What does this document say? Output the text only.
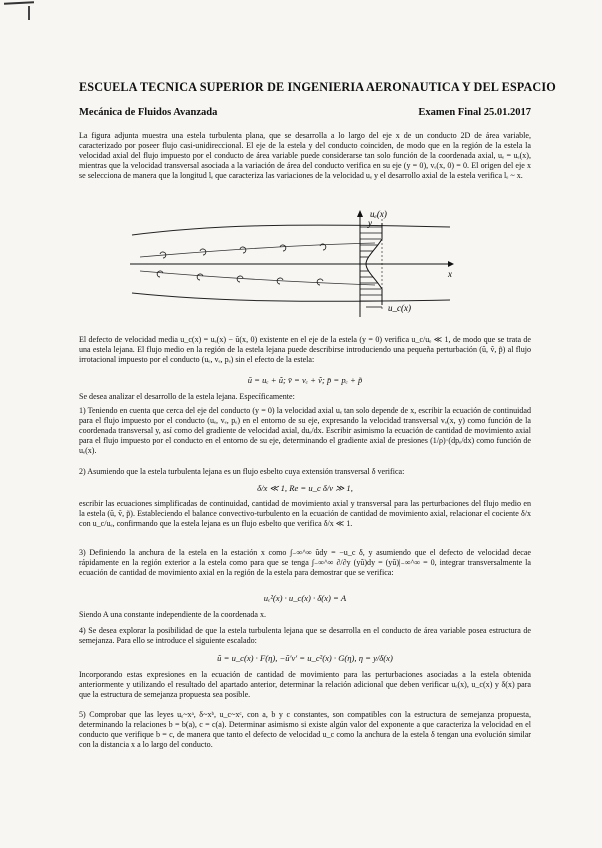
ESCUELA TECNICA SUPERIOR DE INGENIERIA AERONAUTICA Y DEL ESPACIO
Mecánica de Fluidos Avanzada	Examen Final 25.01.2017
La figura adjunta muestra una estela turbulenta plana, que se desarrolla a lo largo del eje x de un conducto 2D de área variable, caracterizado por poseer flujo casi-unidireccional. El eje de la estela y del conducto coinciden, de modo que en la región de la estela la velocidad axial del flujo impuesto por el conducto de área variable puede considerarse tan solo función de la coordenada axial, uₑ = uₑ(x), mientras que la velocidad transversal asociada a la variación de área del conducto verifica en su eje (y = 0), vₑ(x, 0) = 0. El origen del eje x se selecciona de manera que la longitud lₑ que caracteriza las variaciones de la velocidad uₑ y el desarrollo axial de la estela verifica lₑ ~ x.
y
uₑ(x)
x
u_c(x)
El defecto de velocidad media u_c(x) = uₑ(x) − ū(x, 0) existente en el eje de la estela (y = 0) verifica u_c/uₑ ≪ 1, de modo que se trata de una estela lejana. El flujo medio en la región de la estela lejana puede describirse introduciendo una pequeña perturbación (ũ, ṽ, p̃) al flujo irrotacional impuesto por el conducto (uₑ, vₑ, pₑ) sin el efecto de la estela:
ū = uₑ + ũ; v̄ = vₑ + ṽ; p̄ = pₑ + p̃
Se desea analizar el desarrollo de la estela lejana. Específicamente:
1) Teniendo en cuenta que cerca del eje del conducto (y = 0) la velocidad axial uₑ tan solo depende de x, escribir la ecuación de continuidad para el flujo impuesto por el conducto (uₑ, vₑ, pₑ) en el entorno de su eje, expresando la velocidad transversal vₑ(x, y) como función de la coordenada transversal y, así como del gradiente de velocidad axial, duₑ/dx. Escribir asimismo la ecuación de cantidad de movimiento axial para el flujo impuesto por el conducto en el entorno de su eje, determinando el gradiente axial de presiones (1/ρ)·(dpₑ/dx) como función de uₑ(x).
2) Asumiendo que la estela turbulenta lejana es un flujo esbelto cuya extensión transversal δ verifica:
δ/x ≪ 1, Re = u_c δ/ν ≫ 1,
escribir las ecuaciones simplificadas de continuidad, cantidad de movimiento axial y transversal para las perturbaciones del flujo medio en la estela (ũ, ṽ, p̃). Estableciendo el balance convectivo-turbulento en la ecuación de cantidad de movimiento axial, relacionar el cociente δ/x con u_c/uₑ, confirmando que la estela lejana es un flujo esbelto que verifica δ/x ≪ 1.
3) Definiendo la anchura de la estela en la estación x como ∫₋∞^∞ ũdy = −u_c δ, y asumiendo que el defecto de velocidad decae rápidamente en la región exterior a la estela como para que se tenga ∫₋∞^∞ ∂/∂y (yũ)dy = (yũ)|₋∞^∞ = 0, integrar transversalmente la ecuación de cantidad de movimiento axial en la región de la estela para demostrar que se verifica:
uₑ²(x) · u_c(x) · δ(x) = A
Siendo A una constante independiente de la coordenada x.
4) Se desea explorar la posibilidad de que la estela turbulenta lejana que se desarrolla en el conducto de área variable posea estructura de semejanza. Para ello se introduce el siguiente escalado:
ũ = u_c(x) · F(η), −ũ′v′ = u_c²(x) · G(η), η = y/δ(x)
Incorporando estas expresiones en la ecuación de cantidad de movimiento para las perturbaciones asociadas a la estela obtenida anteriormente y utilizando el resultado del apartado anterior, determinar la relación adicional que deben verificar uₑ(x), u_c(x) y δ(x) para que la estructura de semejanza propuesta sea posible.
5) Comprobar que las leyes uₑ~xᵃ, δ~xᵇ, u_c~xᶜ, con a, b y c constantes, son compatibles con la estructura de semejanza propuesta, determinando la relaciones b = b(a), c = c(a). Determinar asimismo si existe algún valor del exponente a que caracteriza la velocidad en el conducto que verifique b = c, de manera que tanto el defecto de velocidad u_c como la anchura de la estela δ tengan una evolución similar con la distancia x a lo largo del conducto.
